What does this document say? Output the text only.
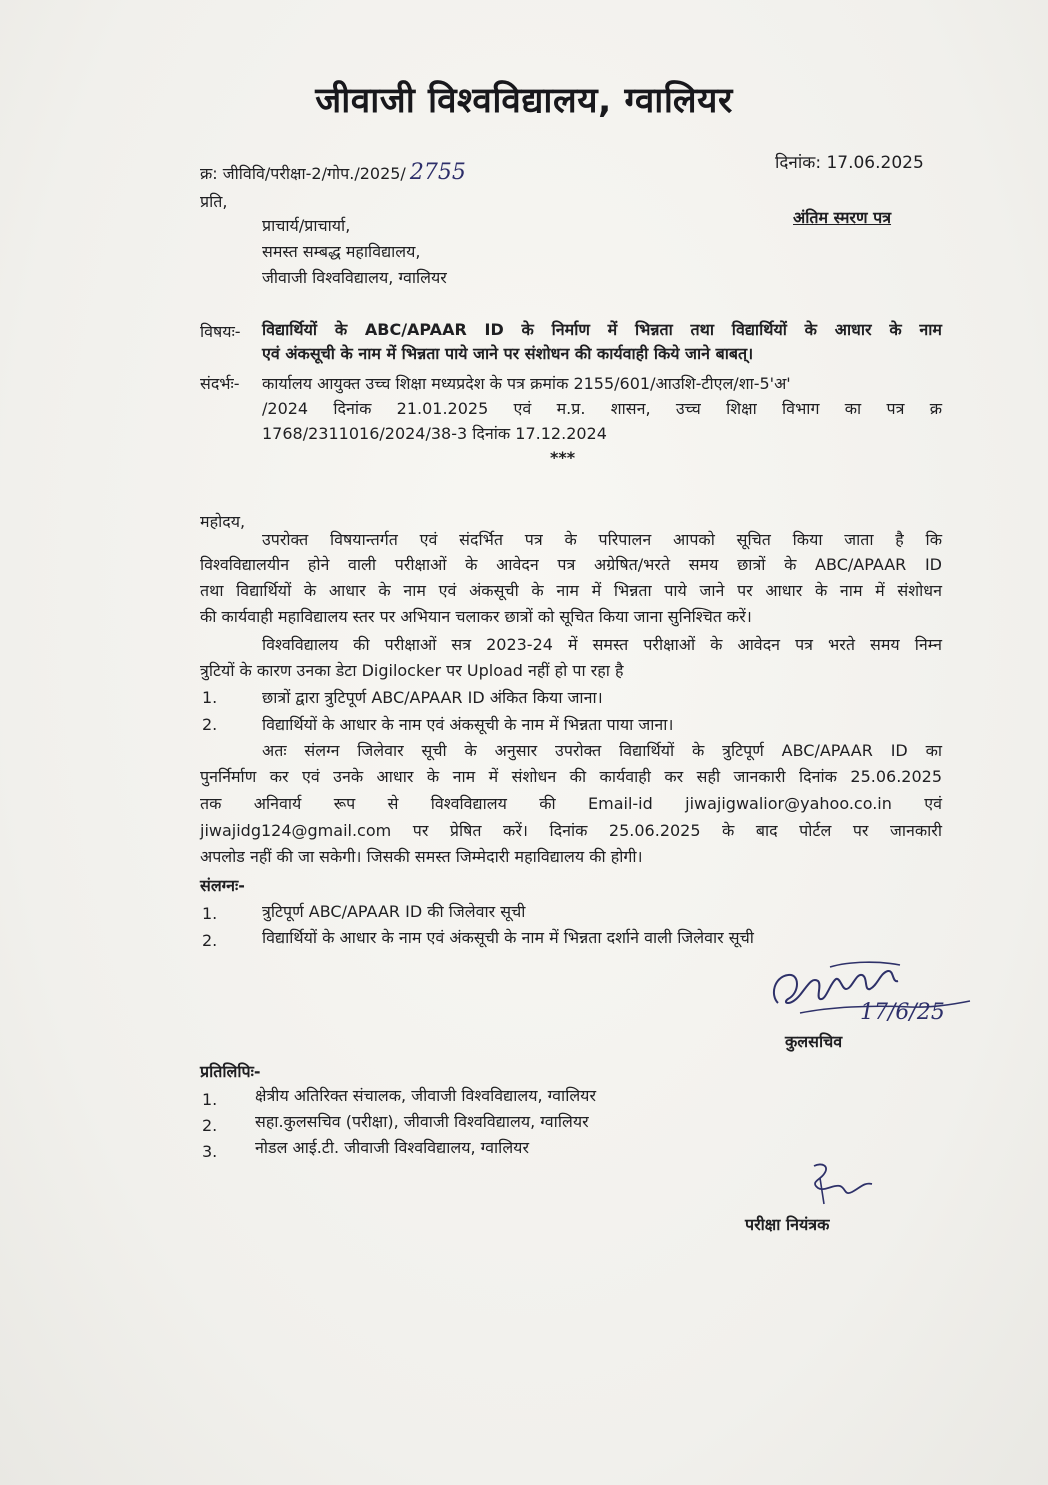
जीवाजी विश्वविद्यालय, ग्वालियर
क्र: जीविवि/परीक्षा-2/गोप./2025/ 2755	दिनांक: 17.06.2025
अंतिम स्मरण पत्र
प्रति,
प्राचार्य/प्राचार्या,
समस्त सम्बद्ध महाविद्यालय,
जीवाजी विश्वविद्यालय, ग्वालियर
विषयः- विद्यार्थियों के ABC/APAAR ID के निर्माण में भिन्नता तथा विद्यार्थियों के आधार के नाम
एवं अंकसूची के नाम में भिन्नता पाये जाने पर संशोधन की कार्यवाही किये जाने बाबत्।
संदर्भः- कार्यालय आयुक्त उच्च शिक्षा मध्यप्रदेश के पत्र क्रमांक 2155/601/आउशि-टीएल/शा-5'अ'
/2024 दिनांक 21.01.2025 एवं म.प्र. शासन, उच्च शिक्षा विभाग का पत्र क्र
1768/2311016/2024/38-3 दिनांक 17.12.2024
***
महोदय,
उपरोक्त विषयान्तर्गत एवं संदर्भित पत्र के परिपालन आपको सूचित किया जाता है कि
विश्वविद्यालयीन होने वाली परीक्षाओं के आवेदन पत्र अग्रेषित/भरते समय छात्रों के ABC/APAAR ID
तथा विद्यार्थियों के आधार के नाम एवं अंकसूची के नाम में भिन्नता पाये जाने पर आधार के नाम में संशोधन
की कार्यवाही महाविद्यालय स्तर पर अभियान चलाकर छात्रों को सूचित किया जाना सुनिश्चित करें।
विश्वविद्यालय की परीक्षाओं सत्र 2023-24 में समस्त परीक्षाओं के आवेदन पत्र भरते समय निम्न
त्रुटियों के कारण उनका डेटा Digilocker पर Upload नहीं हो पा रहा है
1.	छात्रों द्वारा त्रुटिपूर्ण ABC/APAAR ID अंकित किया जाना।
2.	विद्यार्थियों के आधार के नाम एवं अंकसूची के नाम में भिन्नता पाया जाना।
अतः संलग्न जिलेवार सूची के अनुसार उपरोक्त विद्यार्थियों के त्रुटिपूर्ण ABC/APAAR ID का
पुनर्निर्माण कर एवं उनके आधार के नाम में संशोधन की कार्यवाही कर सही जानकारी दिनांक 25.06.2025
तक अनिवार्य रूप से विश्वविद्यालय की Email-id jiwajigwalior@yahoo.co.in एवं
jiwajidg124@gmail.com पर प्रेषित करें। दिनांक 25.06.2025 के बाद पोर्टल पर जानकारी
अपलोड नहीं की जा सकेगी। जिसकी समस्त जिम्मेदारी महाविद्यालय की होगी।
संलग्नः-
1.	त्रुटिपूर्ण ABC/APAAR ID की जिलेवार सूची
2.	विद्यार्थियों के आधार के नाम एवं अंकसूची के नाम में भिन्नता दर्शाने वाली जिलेवार सूची
17/6/25
कुलसचिव
प्रतिलिपिः-
1. क्षेत्रीय अतिरिक्त संचालक, जीवाजी विश्वविद्यालय, ग्वालियर
2. सहा.कुलसचिव (परीक्षा), जीवाजी विश्वविद्यालय, ग्वालियर
3. नोडल आई.टी. जीवाजी विश्वविद्यालय, ग्वालियर
परीक्षा नियंत्रक
